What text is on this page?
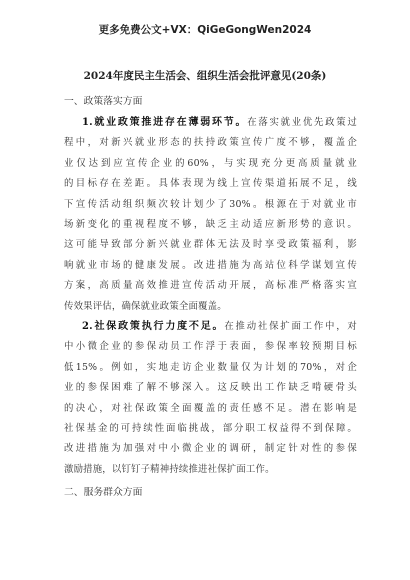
更多免费公文+VX：QiGeGongWen2024
2024年度民主生活会、组织生活会批评意见(20条)
一、政策落实方面
1.就业政策推进存在薄弱环节。在落实就业优先政策过
程中，对新兴就业形态的扶持政策宣传广度不够，覆盖企
业仅达到应宣传企业的60%，与实现充分更高质量就业
的目标存在差距。具体表现为线上宣传渠道拓展不足，线
下宣传活动组织频次较计划少了30%。根源在于对就业市
场新变化的重视程度不够，缺乏主动适应新形势的意识。
这可能导致部分新兴就业群体无法及时享受政策福利，影
响就业市场的健康发展。改进措施为高站位科学谋划宣传
方案，高质量高效推进宣传活动开展，高标准严格落实宣
传效果评估，确保就业政策全面覆盖。
2.社保政策执行力度不足。在推动社保扩面工作中，对
中小微企业的参保动员工作浮于表面，参保率较预期目标
低15%。例如，实地走访企业数量仅为计划的70%，对企
业的参保困难了解不够深入。这反映出工作缺乏啃硬骨头
的决心，对社保政策全面覆盖的责任感不足。潜在影响是
社保基金的可持续性面临挑战，部分职工权益得不到保障。
改进措施为加强对中小微企业的调研，制定针对性的参保
激励措施，以钉钉子精神持续推进社保扩面工作。
二、服务群众方面
